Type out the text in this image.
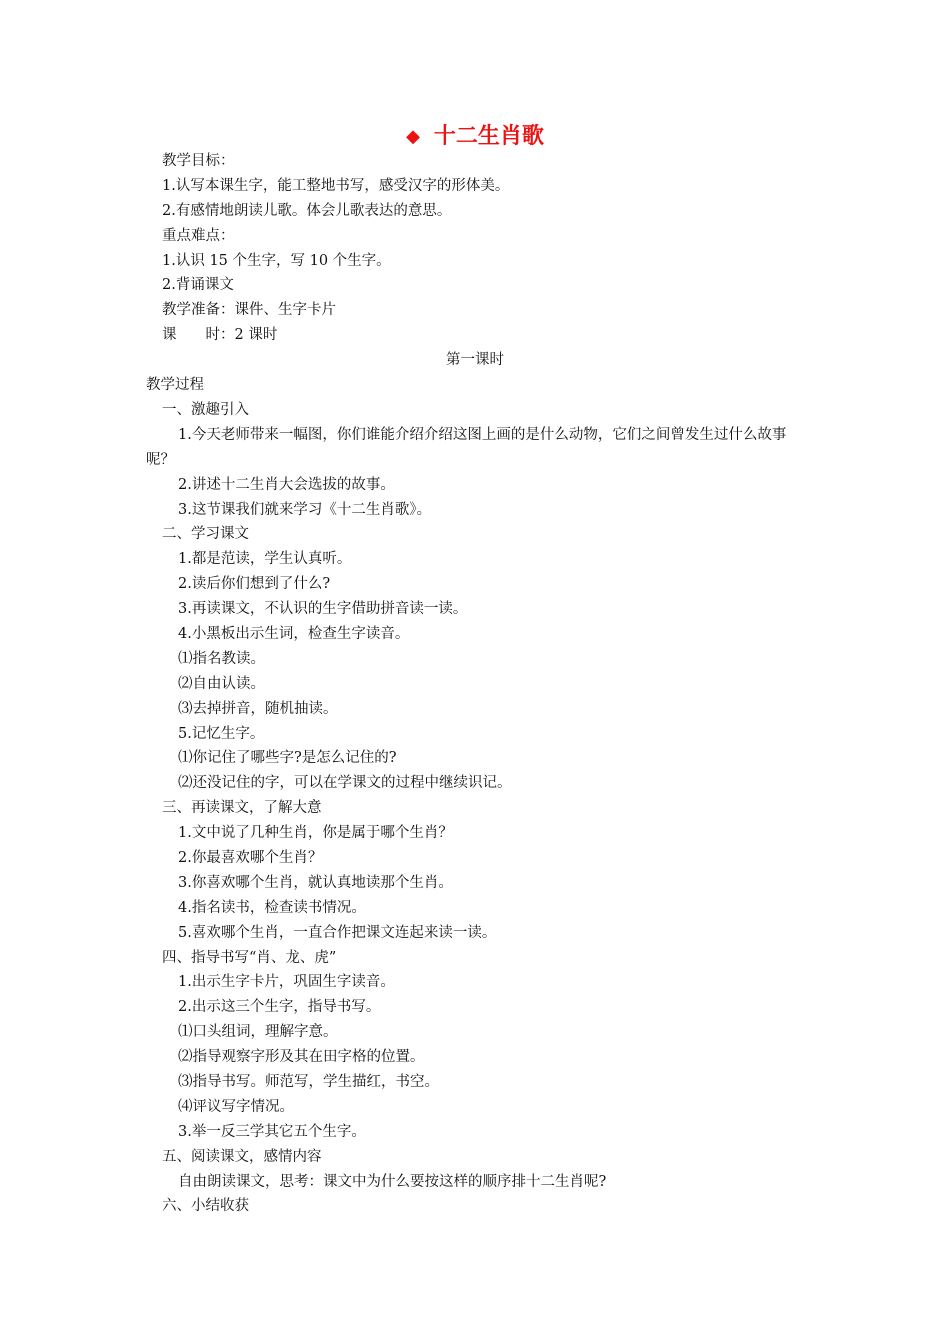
◆ 十二生肖歌
教学目标：
1.认写本课生字，能工整地书写，感受汉字的形体美。
2.有感情地朗读儿歌。体会儿歌表达的意思。
重点难点：
1.认识 15 个生字，写 10 个生字。
2.背诵课文
教学准备：课件、生字卡片
课　　时：2 课时
第一课时
教学过程
一、激趣引入
1.今天老师带来一幅图，你们谁能介绍介绍这图上画的是什么动物，它们之间曾发生过什么故事呢？
2.讲述十二生肖大会选拔的故事。
3.这节课我们就来学习《十二生肖歌》。
二、学习课文
1.都是范读，学生认真听。
2.读后你们想到了什么?
3.再读课文，不认识的生字借助拼音读一读。
4.小黑板出示生词，检查生字读音。
⑴指名教读。
⑵自由认读。
⑶去掉拼音，随机抽读。
5.记忆生字。
⑴你记住了哪些字?是怎么记住的?
⑵还没记住的字，可以在学课文的过程中继续识记。
三、再读课文，了解大意
1.文中说了几种生肖，你是属于哪个生肖？
2.你最喜欢哪个生肖？
3.你喜欢哪个生肖，就认真地读那个生肖。
4.指名读书，检查读书情况。
5.喜欢哪个生肖，一直合作把课文连起来读一读。
四、指导书写“肖、龙、虎”
1.出示生字卡片，巩固生字读音。
2.出示这三个生字，指导书写。
⑴口头组词，理解字意。
⑵指导观察字形及其在田字格的位置。
⑶指导书写。师范写，学生描红，书空。
⑷评议写字情况。
3.举一反三学其它五个生字。
五、阅读课文，感情内容
自由朗读课文，思考：课文中为什么要按这样的顺序排十二生肖呢?
六、小结收获
